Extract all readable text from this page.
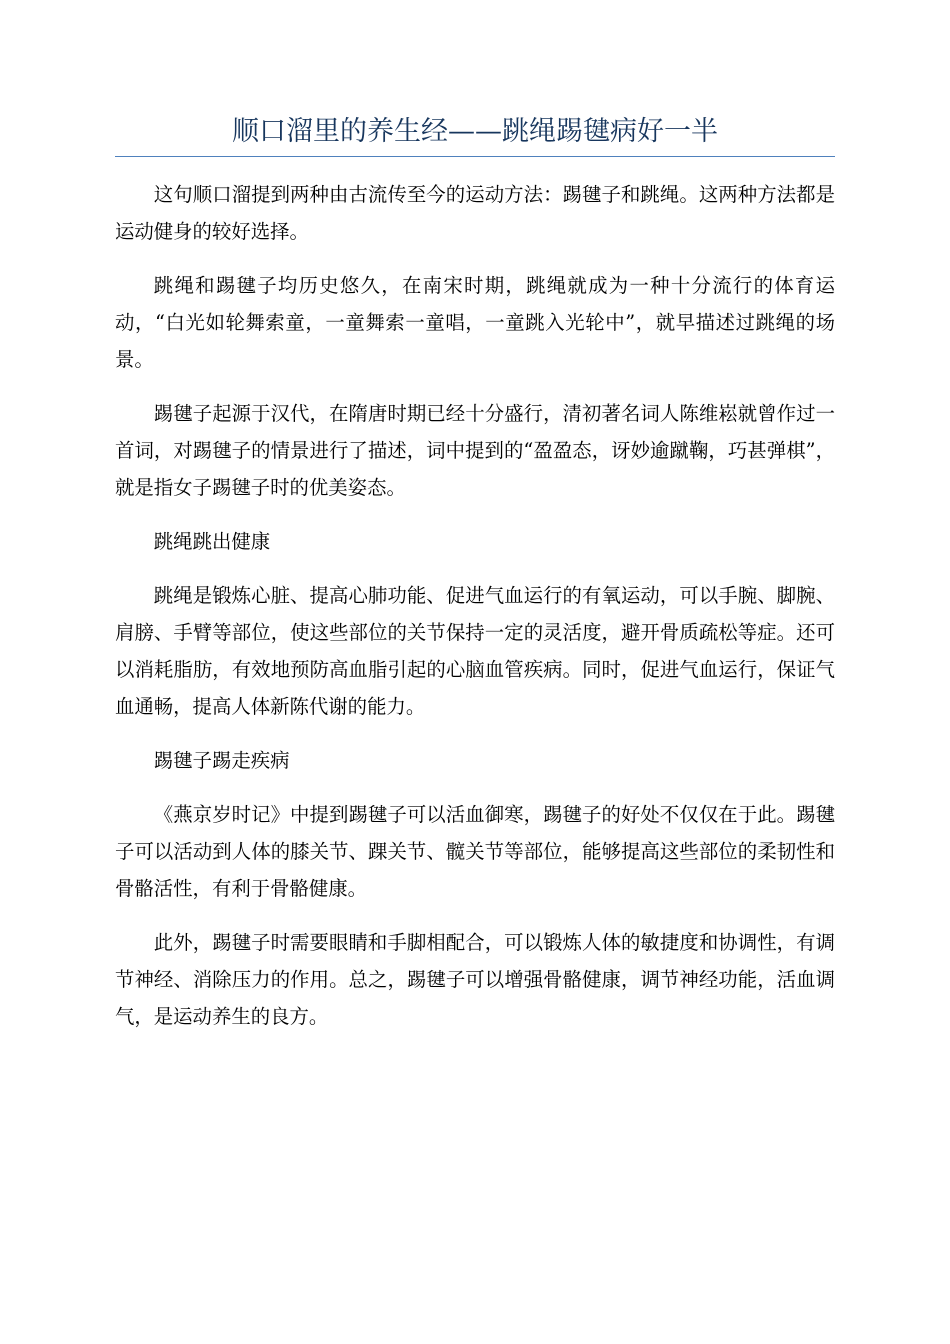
顺口溜里的养生经——跳绳踢毽病好一半

这句顺口溜提到两种由古流传至今的运动方法：踢毽子和跳绳。这两种方法都是运动健身的较好选择。

跳绳和踢毽子均历史悠久，在南宋时期，跳绳就成为一种十分流行的体育运动，“白光如轮舞索童，一童舞索一童唱，一童跳入光轮中”，就早描述过跳绳的场景。

踢毽子起源于汉代，在隋唐时期已经十分盛行，清初著名词人陈维崧就曾作过一首词，对踢毽子的情景进行了描述，词中提到的“盈盈态，讶妙逾蹴鞠，巧甚弹棋”，就是指女子踢毽子时的优美姿态。

跳绳跳出健康

跳绳是锻炼心脏、提高心肺功能、促进气血运行的有氧运动，可以手腕、脚腕、肩膀、手臂等部位，使这些部位的关节保持一定的灵活度，避开骨质疏松等症。还可以消耗脂肪，有效地预防高血脂引起的心脑血管疾病。同时，促进气血运行，保证气血通畅，提高人体新陈代谢的能力。

踢毽子踢走疾病

《燕京岁时记》中提到踢毽子可以活血御寒，踢毽子的好处不仅仅在于此。踢毽子可以活动到人体的膝关节、踝关节、髋关节等部位，能够提高这些部位的柔韧性和骨骼活性，有利于骨骼健康。

此外，踢毽子时需要眼睛和手脚相配合，可以锻炼人体的敏捷度和协调性，有调节神经、消除压力的作用。总之，踢毽子可以增强骨骼健康，调节神经功能，活血调气，是运动养生的良方。
